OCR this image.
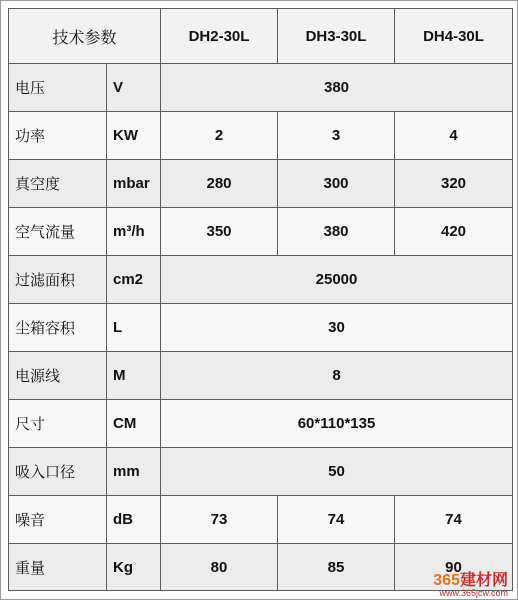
技术参数		DH2-30L	DH3-30L	DH4-30L
电压	V	380		
功率	KW	2	3	4
真空度	mbar	280	300	320
空气流量	m³/h	350	380	420
过滤面积	cm2	25000		
尘箱容积	L	30		
电源线	M	8		
尺寸	CM	60*110*135		
吸入口径	mm	50		
噪音	dB	73	74	74
重量	Kg	80	85	90
365建材网
www.365jcw.com
